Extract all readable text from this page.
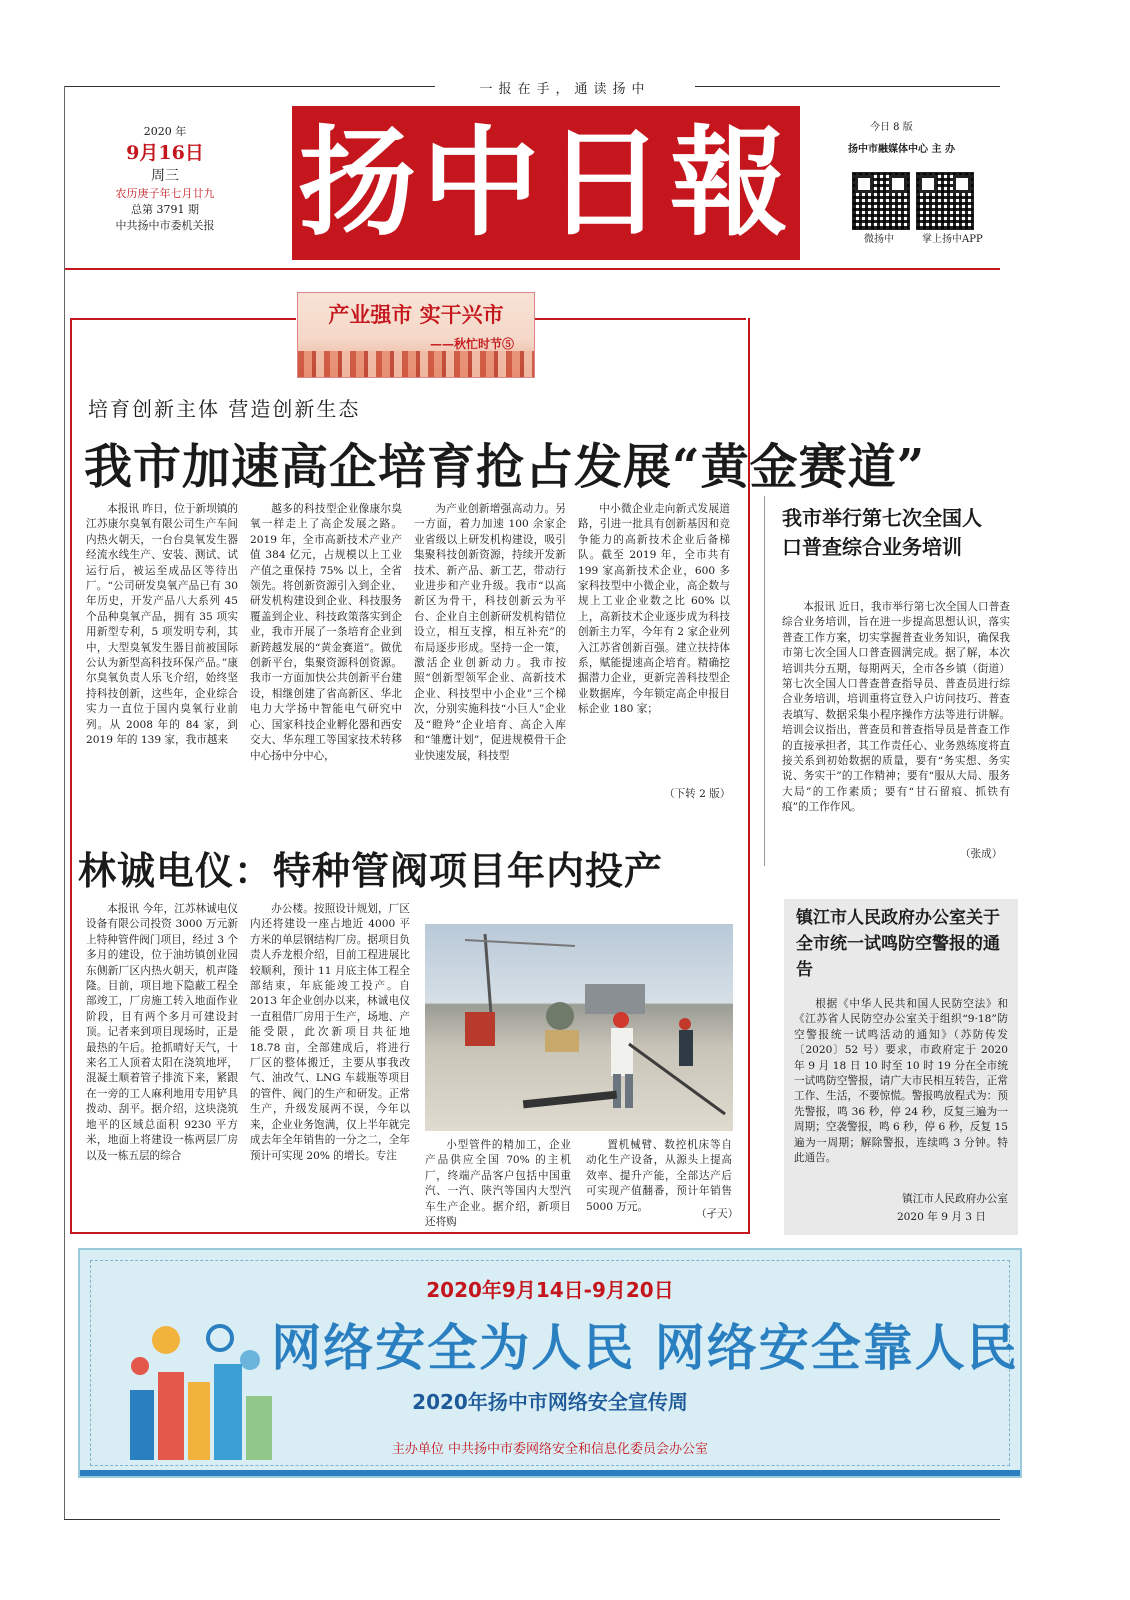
一报在手，通读扬中
2020 年
9月16日
周三
农历庚子年七月廿九
总第 3791 期
中共扬中市委机关报 扬中日報	今日 8 版
扬中市融媒体中心 主 办
微扬中	掌上扬中APP
产业强市 实干兴市
——秋忙时节⑤
培育创新主体 营造创新生态
我市加速高企培育抢占发展“黄金赛道”

本报讯 昨日，位于新坝镇的江苏康尔臭氧有限公司生产车间内热火朝天，一台台臭氧发生器经流水线生产、安装、测试、试运行后，被运至成品区等待出厂。“公司研发臭氧产品已有 30 年历史，开发产品八大系列 45 个品种臭氧产品，拥有 35 项实用新型专利，5 项发明专利，其中，大型臭氧发生器目前被国际公认为新型高科技环保产品。”康尔臭氧负责人乐飞介绍，始终坚持科技创新，这些年，企业综合实力一直位于国内臭氧行业前列。从 2008 年的 84 家，到 2019 年的 139 家，我市越来

越多的科技型企业像康尔臭氧一样走上了高企发展之路。2019 年，全市高新技术产业产值 384 亿元，占规模以上工业产值之重保持 75% 以上，全省领先。将创新资源引入到企业、研发机构建设到企业、科技服务覆盖到企业、科技政策落实到企业，我市开展了一条培育企业到新跨越发展的“黄金赛道”。做优创新平台，集聚资源科创资源。我市一方面加快公共创新平台建设，相继创建了省高新区、华北电力大学扬中智能电气研究中心、国家科技企业孵化器和西安交大、华东理工等国家技术转移中心扬中分中心，

为产业创新增强高动力。另一方面，着力加速 100 余家企业省级以上研发机构建设，吸引集聚科技创新资源，持续开发新技术、新产品、新工艺，带动行业进步和产业升级。我市“以高新区为骨干，科技创新云为平台、企业自主创新研发机构错位设立，相互支撑，相互补充”的布局逐步形成。坚持一企一策，激活企业创新动力。我市按照“创新型领军企业、高新技术企业、科技型中小企业”三个梯次，分别实施科技“小巨人”企业及“瞪羚”企业培育、高企入库和“雏鹰计划”，促进规模骨干企业快速发展，科技型

中小微企业走向新式发展道路，引进一批具有创新基因和竞争能力的高新技术企业后备梯队。截至 2019 年，全市共有 199 家高新技术企业，600 多家科技型中小微企业，高企数与规上工业企业数之比 60% 以上，高新技术企业逐步成为科技创新主力军，今年有 2 家企业列入江苏省创新百强。建立扶持体系，赋能提速高企培育。精确挖掘潜力企业，更新完善科技型企业数据库，今年锁定高企申报目标企业 180 家；

（下转 2 版）
我市举行第七次全国人口普查综合业务培训

本报讯 近日，我市举行第七次全国人口普查综合业务培训，旨在进一步提高思想认识，落实普查工作方案，切实掌握普查业务知识，确保我市第七次全国人口普查圆满完成。据了解，本次培训共分五期，每期两天，全市各乡镇（街道）第七次全国人口普查普查指导员、普查员进行综合业务培训，培训重将宣登入户访问技巧、普查表填写、数据采集小程序操作方法等进行讲解。培训会议指出，普查员和普查指导员是普查工作的直接承担者，其工作责任心、业务熟练度将直接关系到初始数据的质量，要有“务实想、务实说、务实干”的工作精神；要有“服从大局、服务大局”的工作素质；要有“甘石留痕、抓铁有痕”的工作作风。

（张成）
林诚电仪：特种管阀项目年内投产

本报讯 今年，江苏林诚电仪设备有限公司投资 3000 万元新上特种管件阀门项目，经过 3 个多月的建设，位于油坊镇创业园东侧新厂区内热火朝天，机声隆隆。目前，项目地下隐蔽工程全部竣工，厂房施工转入地面作业阶段，目有两个多月可建设封顶。记者来到项目现场时，正是最热的午后。抢抓晴好天气，十来名工人顶着太阳在浇筑地坪，混凝土顺着管子排流下来，紧跟在一旁的工人麻利地用专用铲具拨动、刮平。据介绍，这块浇筑地平的区域总面积 9230 平方米，地面上将建设一栋两层厂房以及一栋五层的综合

办公楼。按照设计规划，厂区内还将建设一座占地近 4000 平方米的单层钢结构厂房。据项目负责人乔龙根介绍，目前工程进展比较顺利，预计 11 月底主体工程全部结束，年底能竣工投产。自 2013 年企业创办以来，林诚电仪一直租借厂房用于生产，场地、产能受限，此次新项目共征地 18.78 亩，全部建成后，将进行厂区的整体搬迁，主要从事我改气、油改气、LNG 车载瓶等项目的管件、阀门的生产和研发。正常生产，升级发展两不误，今年以来，企业业务饱满，仅上半年就完成去年全年销售的一分之二，全年预计可实现 20% 的增长。专注

小型管件的精加工，企业产品供应全国 70% 的主机厂，终端产品客户包括中国重汽、一汽、陕汽等国内大型汽车生产企业。据介绍，新项目还将购

置机械臂、数控机床等自动化生产设备，从源头上提高效率、提升产能，全部达产后可实现产值翻番，预计年销售 5000 万元。

（孑天）
镇江市人民政府办公室关于全市统一试鸣防空警报的通告

根据《中华人民共和国人民防空法》和《江苏省人民防空办公室关于组织“9·18”防空警报统一试鸣活动的通知》（苏防传发〔2020〕52 号）要求，市政府定于 2020 年 9 月 18 日 10 时至 10 时 19 分在全市统一试鸣防空警报，请广大市民相互转告，正常工作、生活，不要惊慌。警报鸣放程式为：预先警报，鸣 36 秒，停 24 秒，反复三遍为一周期；空袭警报，鸣 6 秒，停 6 秒，反复 15 遍为一周期；解除警报，连续鸣 3 分钟。特此通告。

镇江市人民政府办公室
2020 年 9 月 3 日
2020年9月14日-9月20日
网络安全为人民 网络安全靠人民
2020年扬中市网络安全宣传周
主办单位 中共扬中市委网络安全和信息化委员会办公室
